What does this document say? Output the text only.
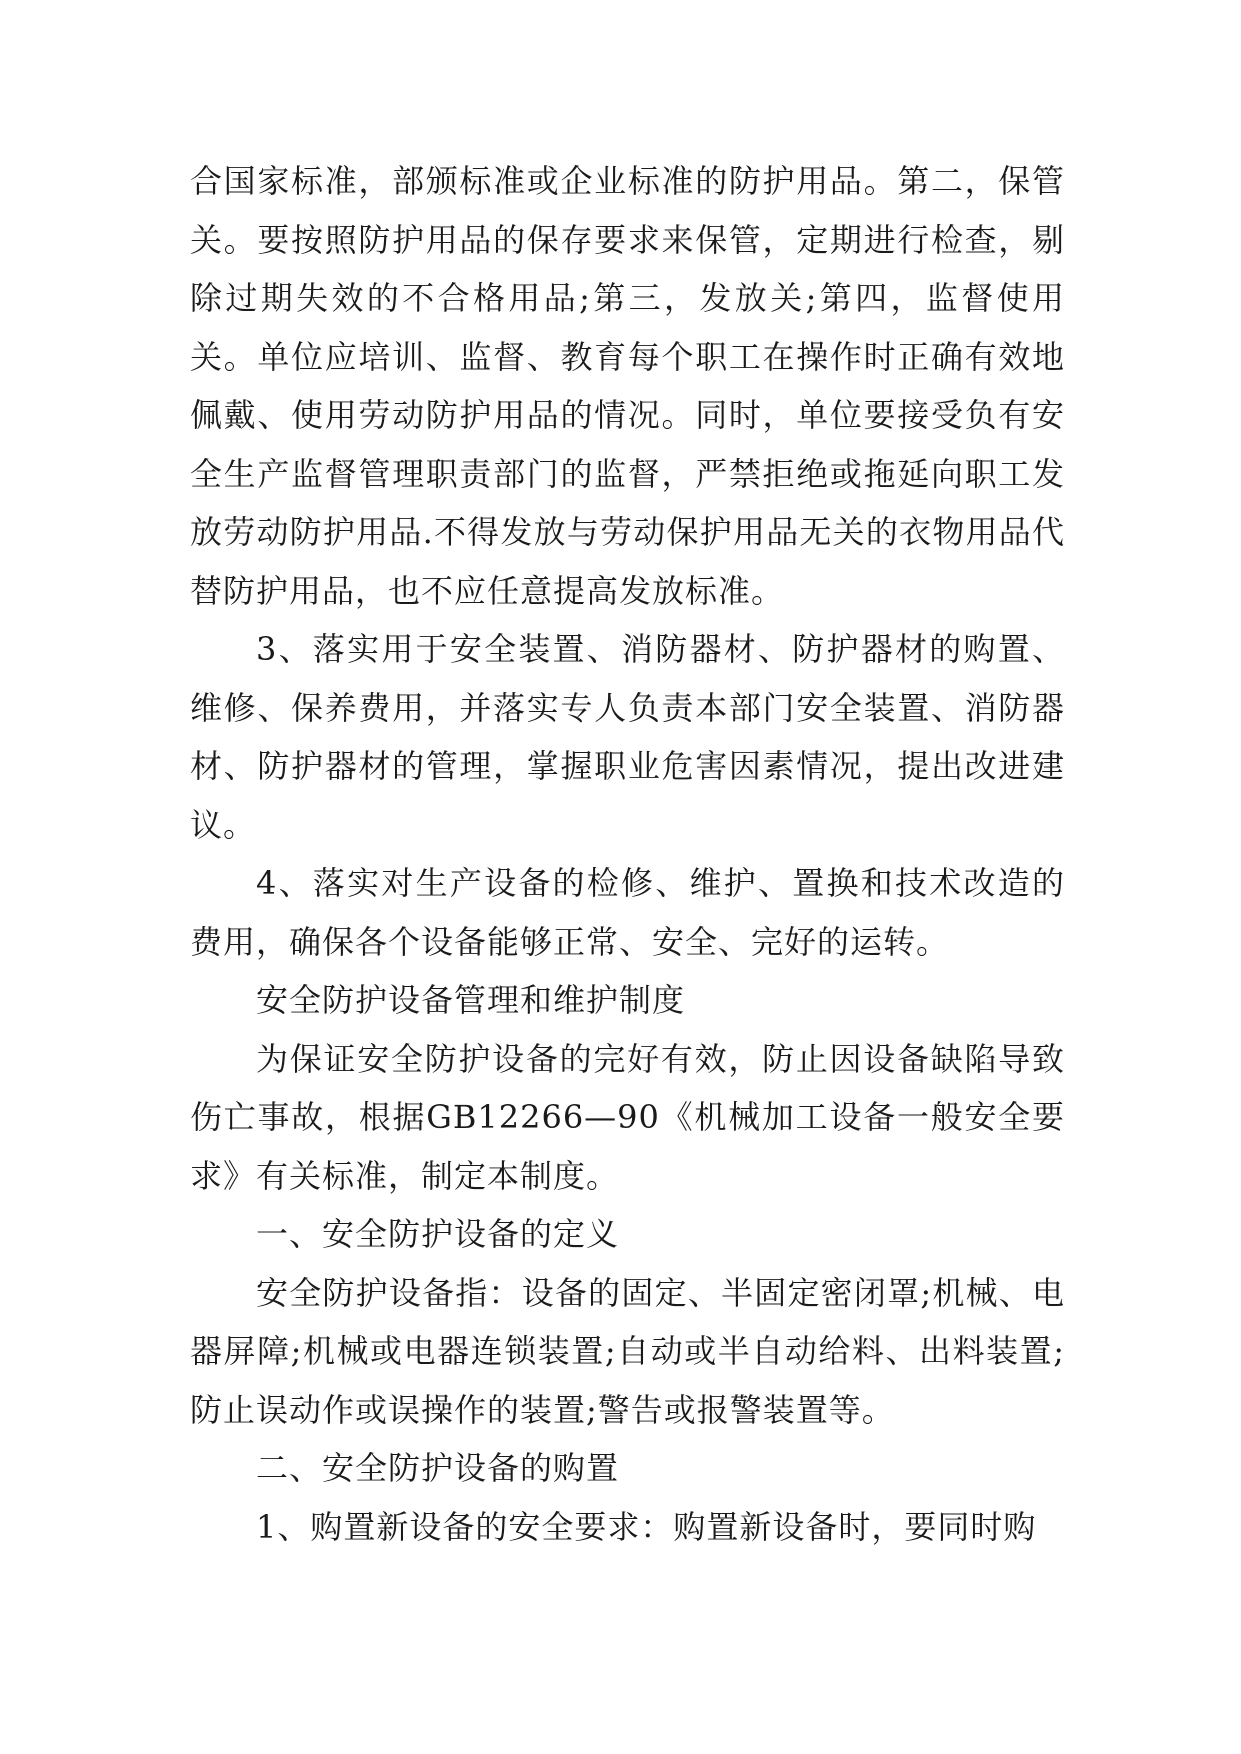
合国家标准，部颁标准或企业标准的防护用品。第二，保管关。要按照防护用品的保存要求来保管，定期进行检查，剔除过期失效的不合格用品;第三，发放关;第四，监督使用关。单位应培训、监督、教育每个职工在操作时正确有效地佩戴、使用劳动防护用品的情况。同时，单位要接受负有安全生产监督管理职责部门的监督，严禁拒绝或拖延向职工发放劳动防护用品.不得发放与劳动保护用品无关的衣物用品代替防护用品，也不应任意提高发放标准。

3、落实用于安全装置、消防器材、防护器材的购置、维修、保养费用，并落实专人负责本部门安全装置、消防器材、防护器材的管理，掌握职业危害因素情况，提出改进建议。

4、落实对生产设备的检修、维护、置换和技术改造的费用，确保各个设备能够正常、安全、完好的运转。

安全防护设备管理和维护制度

为保证安全防护设备的完好有效，防止因设备缺陷导致伤亡事故，根据GB12266—90《机械加工设备一般安全要求》有关标准，制定本制度。

一、安全防护设备的定义

安全防护设备指：设备的固定、半固定密闭罩;机械、电器屏障;机械或电器连锁装置;自动或半自动给料、出料装置;防止误动作或误操作的装置;警告或报警装置等。

二、安全防护设备的购置

1、购置新设备的安全要求：购置新设备时，要同时购
